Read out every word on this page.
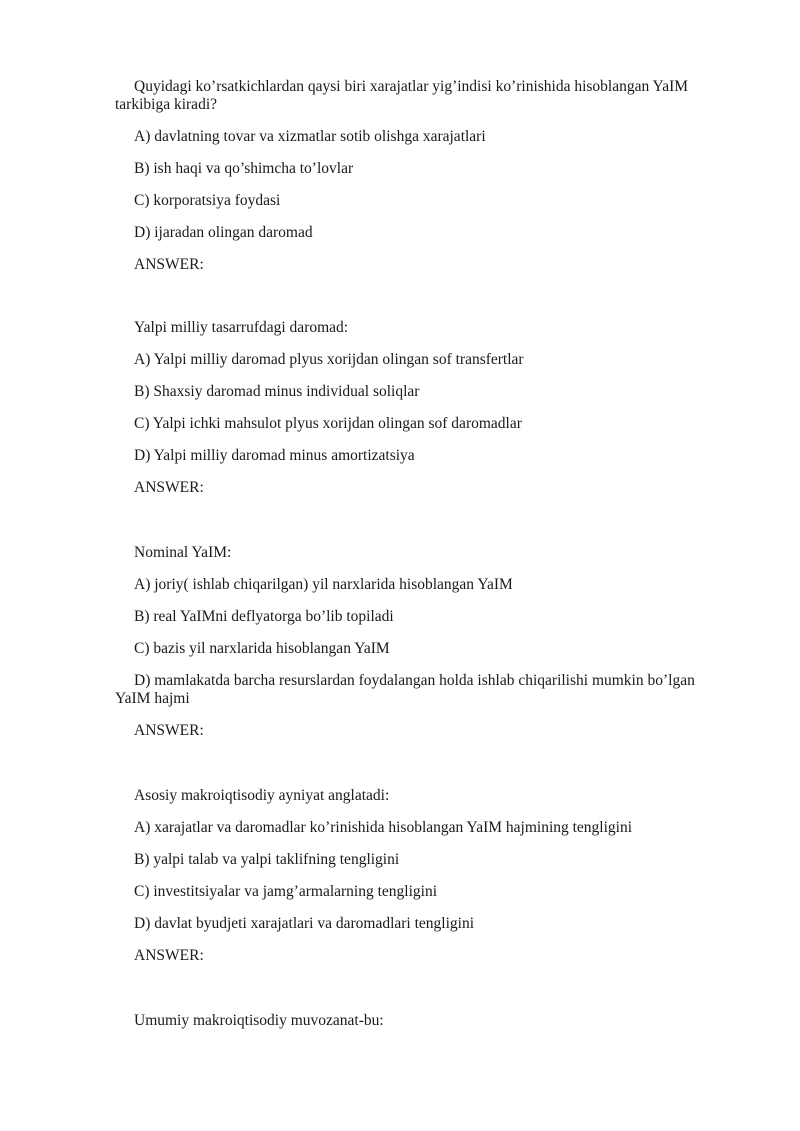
Quyidagi ko’rsatkichlardan qaysi biri xarajatlar yig’indisi ko’rinishida hisoblangan YaIM tarkibiga kiradi?

A) davlatning tovar va xizmatlar sotib olishga xarajatlari

B) ish haqi va qo’shimcha to’lovlar

C) korporatsiya foydasi

D) ijaradan olingan daromad

ANSWER:

Yalpi milliy tasarrufdagi daromad:

A) Yalpi milliy daromad plyus xorijdan olingan sof transfertlar

B) Shaxsiy daromad minus individual soliqlar

C) Yalpi ichki mahsulot plyus xorijdan olingan sof daromadlar

D) Yalpi milliy daromad minus amortizatsiya

ANSWER:

Nominal YaIM:

A) joriy( ishlab chiqarilgan) yil narxlarida hisoblangan YaIM

B) real YaIMni deflyatorga bo’lib topiladi

C) bazis yil narxlarida hisoblangan YaIM

D) mamlakatda barcha resurslardan foydalangan holda ishlab chiqarilishi mumkin bo’lgan YaIM hajmi

ANSWER:

Asosiy makroiqtisodiy ayniyat anglatadi:

A) xarajatlar va daromadlar ko’rinishida hisoblangan YaIM hajmining tengligini

B) yalpi talab va yalpi taklifning tengligini

C) investitsiyalar va jamg’armalarning tengligini

D) davlat byudjeti xarajatlari va daromadlari tengligini

ANSWER:

Umumiy makroiqtisodiy muvozanat-bu:
